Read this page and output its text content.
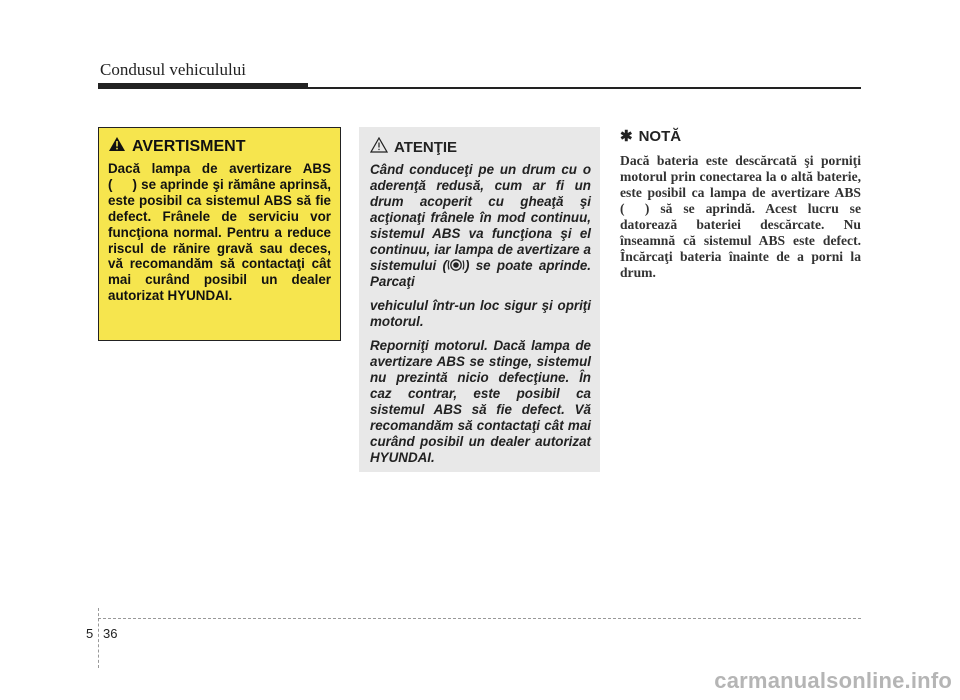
Condusul vehiculului
AVERTISMENT

Dacă lampa de avertizare ABS (  ) se aprinde şi rămâne aprinsă, este posibil ca sistemul ABS să fie defect. Frânele de serviciu vor funcţiona normal. Pentru a reduce riscul de rănire gravă sau deces, vă recomandăm să contactaţi cât mai curând posibil un dealer autorizat HYUNDAI.

ATENŢIE

Când conduceţi pe un drum cu o aderenţă redusă, cum ar fi un drum acoperit cu gheaţă şi acţionaţi frânele în mod continuu, sistemul ABS va funcţiona şi el continuu, iar lampa de avertizare a sistemului ( ) se poate aprinde. Parcaţi

vehiculul într-un loc sigur şi opriţi motorul.

Reporniţi motorul. Dacă lampa de avertizare ABS se stinge, sistemul nu prezintă nicio defecţiune. În caz contrar, este posibil ca sistemul ABS să fie defect. Vă recomandăm să contactaţi cât mai curând posibil un dealer autorizat HYUNDAI.

✱ NOTĂ

Dacă bateria este descărcată şi porniţi motorul prin conectarea la o altă baterie, este posibil ca lampa de avertizare ABS (  ) să se aprindă. Acest lucru se datorează bateriei descărcate. Nu înseamnă că sistemul ABS este defect. Încărcaţi bateria înainte de a porni la drum.

5 36
carmanualsonline.info
